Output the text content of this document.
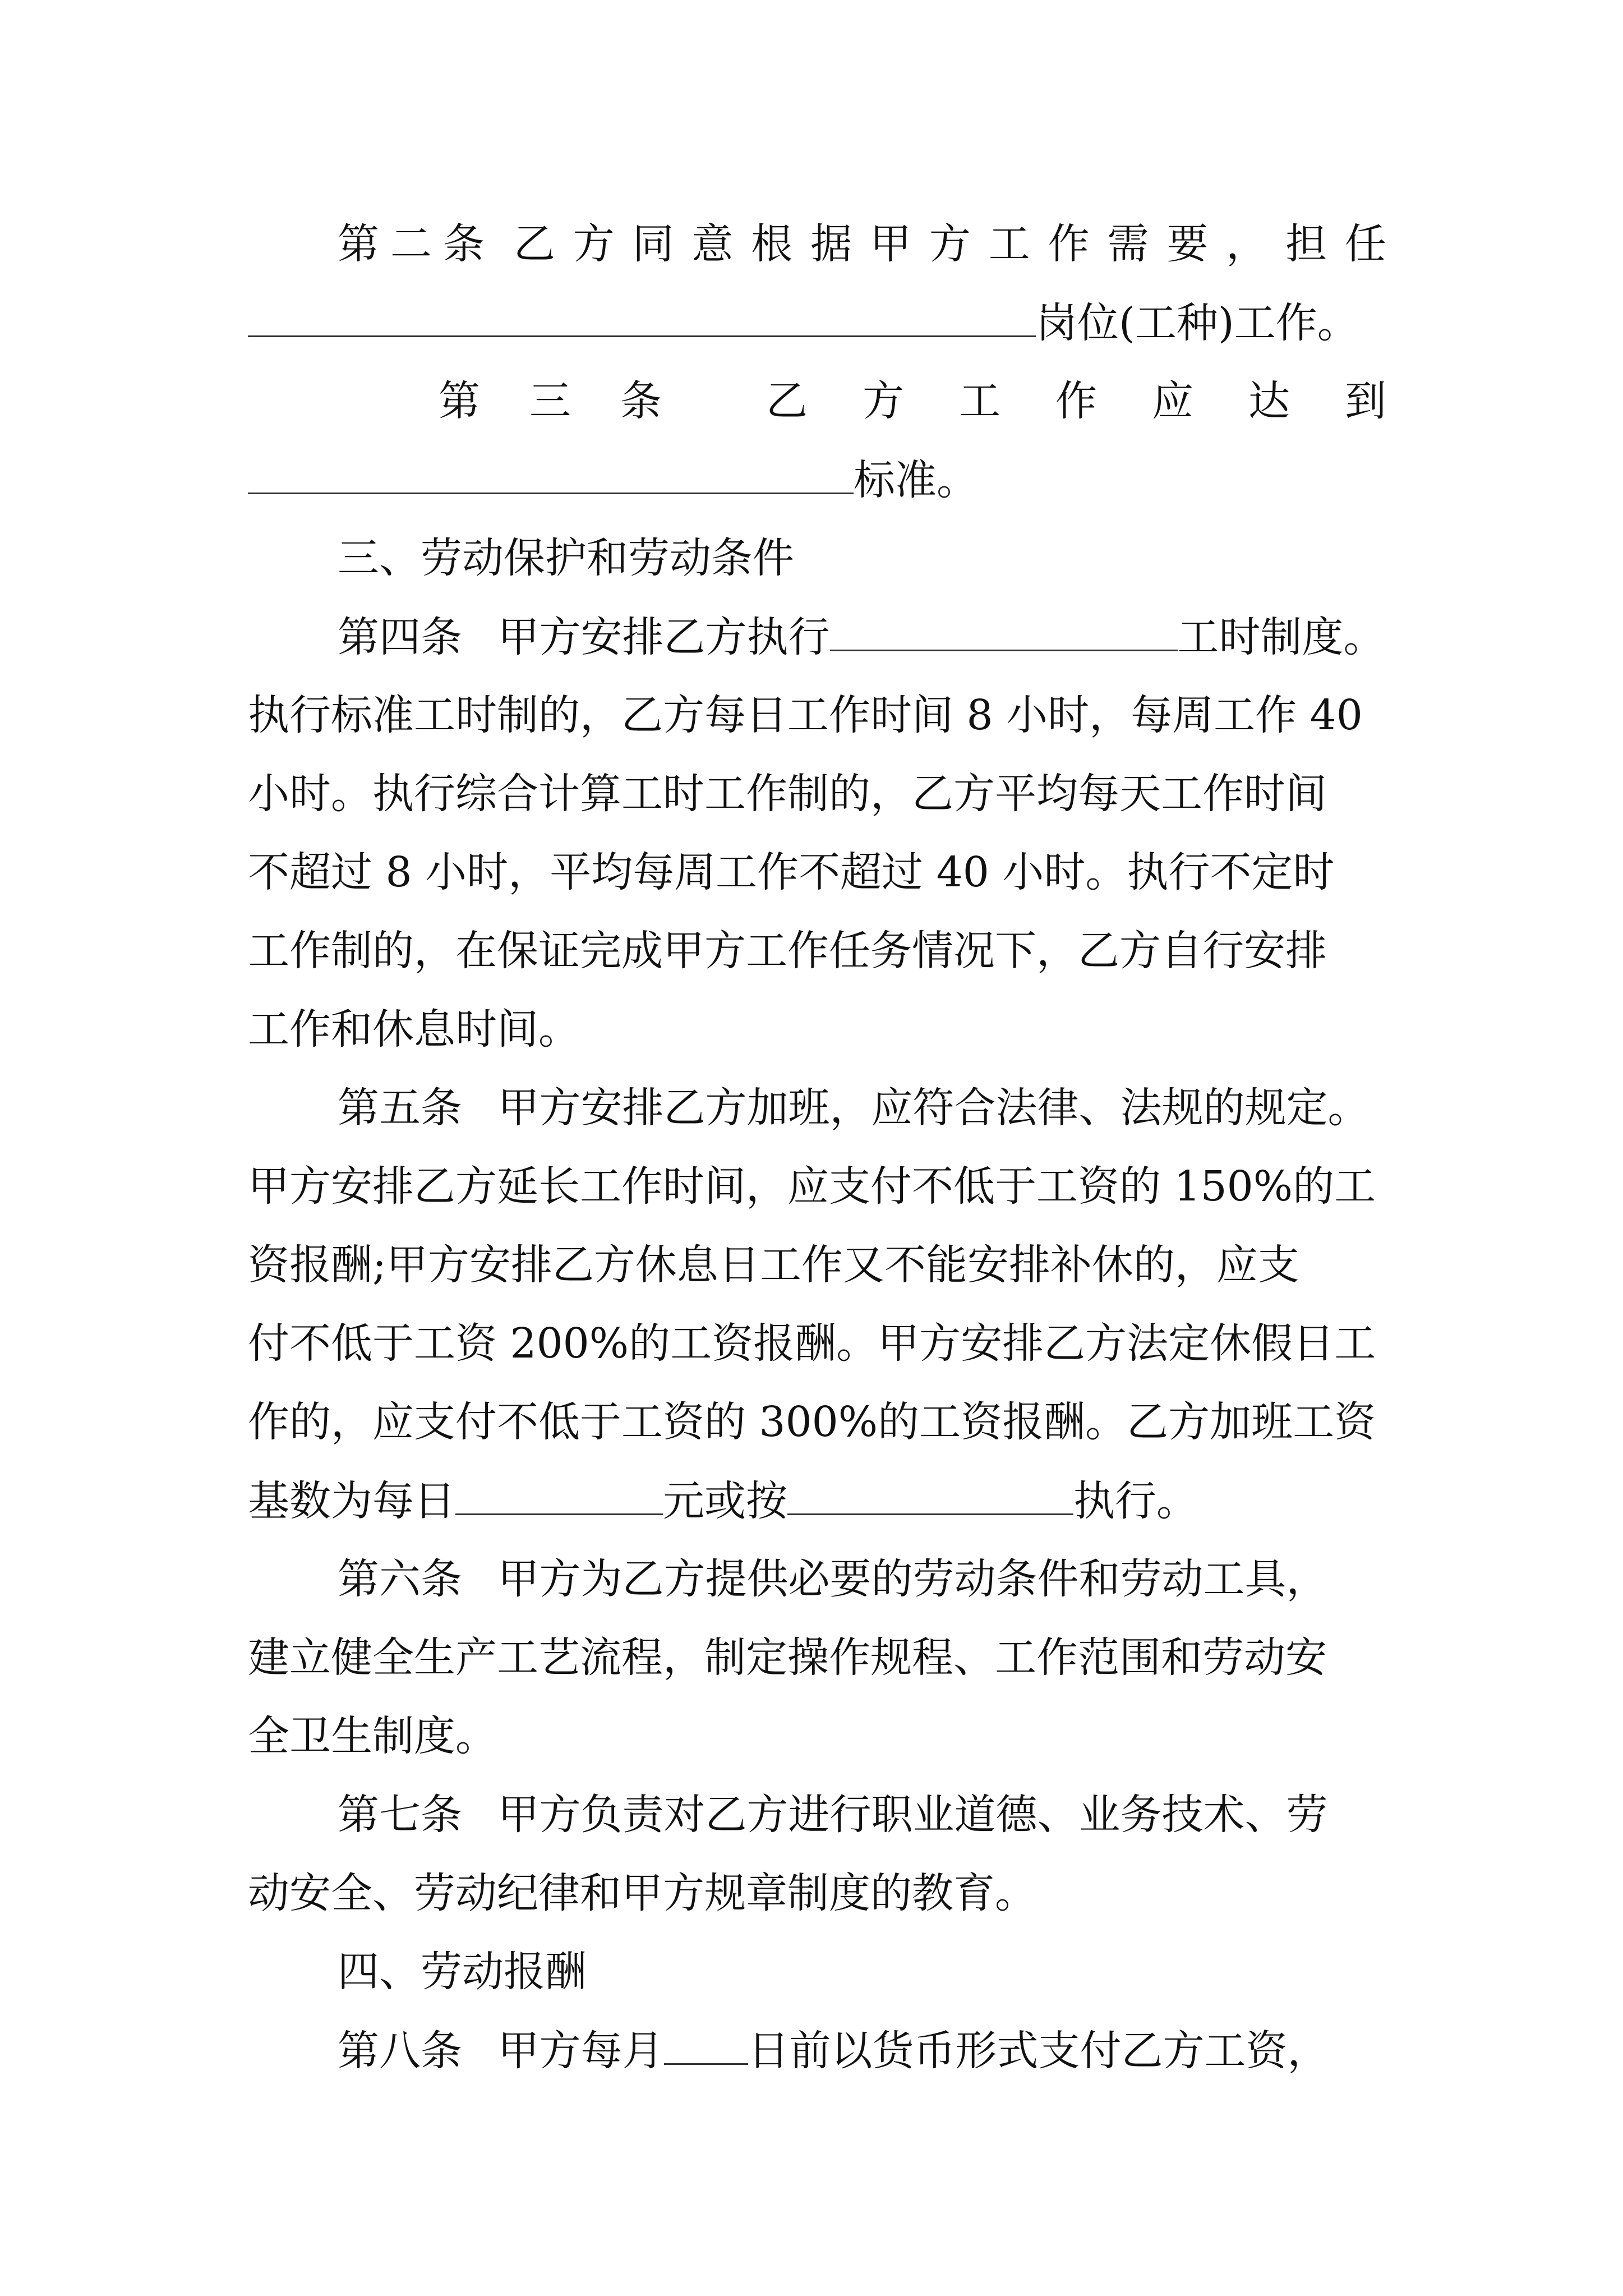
第二条 乙 方 同 意 根 据 甲 方 工 作 需 要 ， 担 任
岗位(工种)工作。
第三条 乙 方 工 作 应 达 到
标准。
三、劳动保护和劳动条件
第四条 甲方安排乙方执行	工时制度。
执行标准工时制的，乙方每日工作时间 8 小时，每周工作 40
小时。执行综合计算工时工作制的，乙方平均每天工作时间
不超过 8 小时，平均每周工作不超过 40 小时。执行不定时
工作制的，在保证完成甲方工作任务情况下，乙方自行安排
工作和休息时间。
第五条 甲方安排乙方加班，应符合法律、法规的规定。
甲方安排乙方延长工作时间，应支付不低于工资的 150%的工
资报酬;甲方安排乙方休息日工作又不能安排补休的，应支
付不低于工资 200%的工资报酬。甲方安排乙方法定休假日工
作的，应支付不低于工资的 300%的工资报酬。乙方加班工资
基数为每日	元或按	执行。
第六条 甲方为乙方提供必要的劳动条件和劳动工具，
建立健全生产工艺流程，制定操作规程、工作范围和劳动安
全卫生制度。
第七条 甲方负责对乙方进行职业道德、业务技术、劳
动安全、劳动纪律和甲方规章制度的教育。
四、劳动报酬
第八条 甲方每月 日前以货币形式支付乙方工资，
